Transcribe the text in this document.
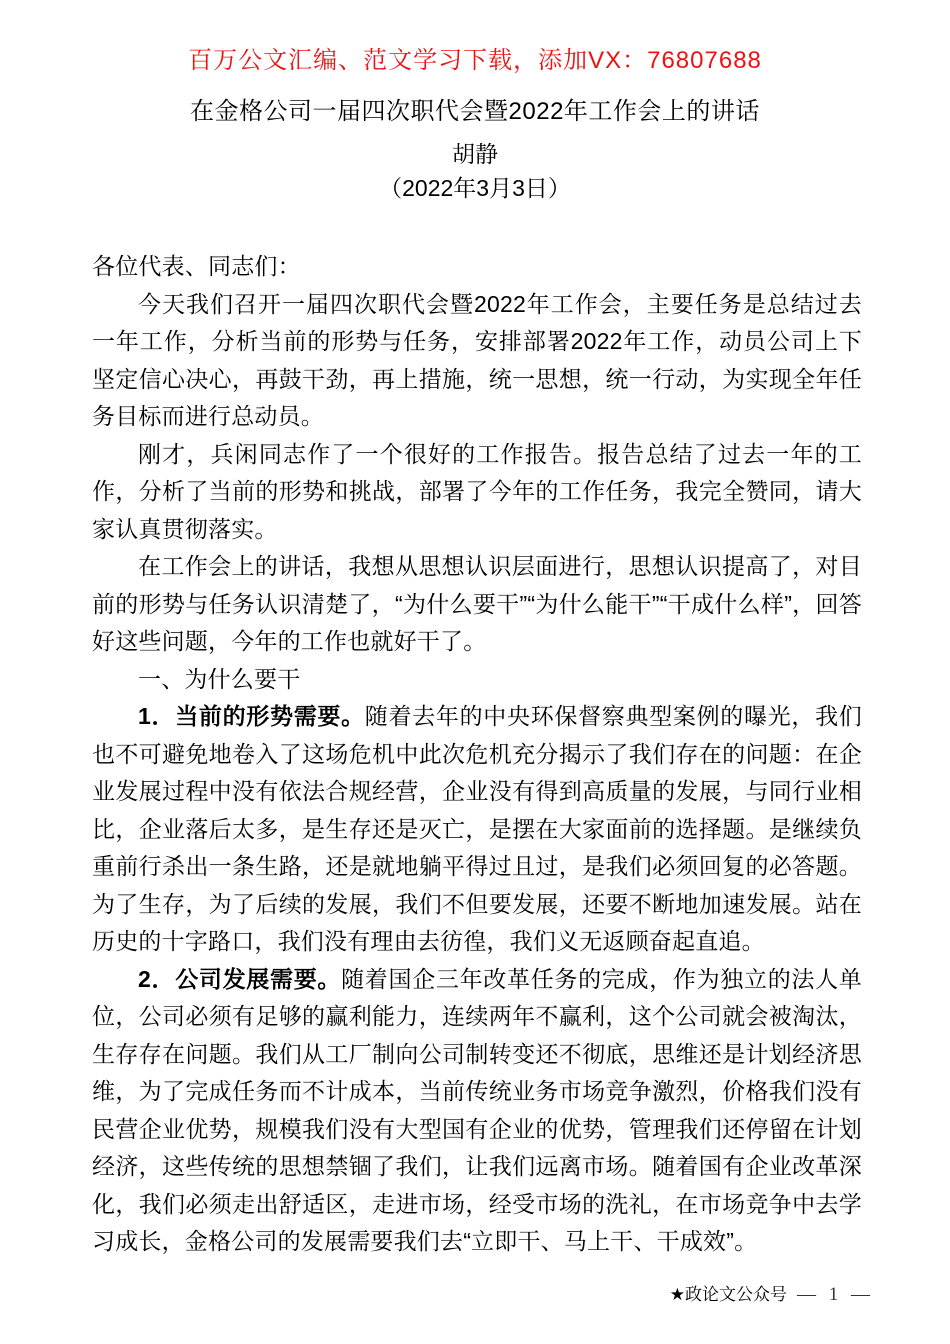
百万公文汇编、范文学习下载，添加VX：76807688
在金格公司一届四次职代会暨2022年工作会上的讲话
胡静
（2022年3月3日）

各位代表、同志们：

今天我们召开一届四次职代会暨2022年工作会，主要任务是总结过去一年工作，分析当前的形势与任务，安排部署2022年工作，动员公司上下坚定信心决心，再鼓干劲，再上措施，统一思想，统一行动，为实现全年任务目标而进行总动员。

刚才，兵闲同志作了一个很好的工作报告。报告总结了过去一年的工作，分析了当前的形势和挑战，部署了今年的工作任务，我完全赞同，请大家认真贯彻落实。

在工作会上的讲话，我想从思想认识层面进行，思想认识提高了，对目前的形势与任务认识清楚了，“为什么要干”“为什么能干”“干成什么样”，回答好这些问题，今年的工作也就好干了。

一、为什么要干

1．当前的形势需要。随着去年的中央环保督察典型案例的曝光，我们也不可避免地卷入了这场危机中此次危机充分揭示了我们存在的问题：在企业发展过程中没有依法合规经营，企业没有得到高质量的发展，与同行业相比，企业落后太多，是生存还是灭亡，是摆在大家面前的选择题。是继续负重前行杀出一条生路，还是就地躺平得过且过，是我们必须回复的必答题。为了生存，为了后续的发展，我们不但要发展，还要不断地加速发展。站在历史的十字路口，我们没有理由去彷徨，我们义无返顾奋起直追。

2．公司发展需要。随着国企三年改革任务的完成，作为独立的法人单位，公司必须有足够的赢利能力，连续两年不赢利，这个公司就会被淘汰，生存存在问题。我们从工厂制向公司制转变还不彻底，思维还是计划经济思维，为了完成任务而不计成本，当前传统业务市场竞争激烈，价格我们没有民营企业优势，规模我们没有大型国有企业的优势，管理我们还停留在计划经济，这些传统的思想禁锢了我们，让我们远离市场。随着国有企业改革深化，我们必须走出舒适区，走进市场，经受市场的洗礼，在市场竞争中去学习成长，金格公司的发展需要我们去“立即干、马上干、干成效”。

★政论文公众号 — 1 —
